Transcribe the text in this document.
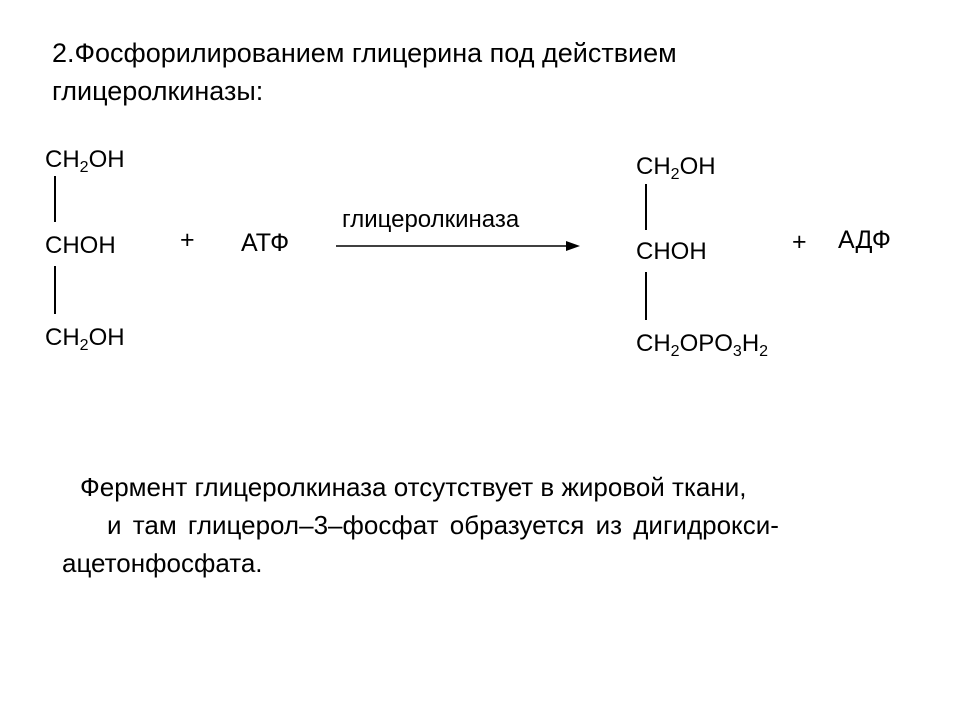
2.Фосфорилированием глицерина под действием
глицеролкиназы:
$CH_2OH$
CHOH
$CH_2OH$
+ АТФ
глицеролкиназа
$CH_2OH$
CHOH
$CH_2OPO_3H_2$
+ АДФ
Фермент глицеролкиназа отсутствует в жировой ткани,
и там глицерол–3–фосфат образуется из дигидрокси-
ацетонфосфата.
